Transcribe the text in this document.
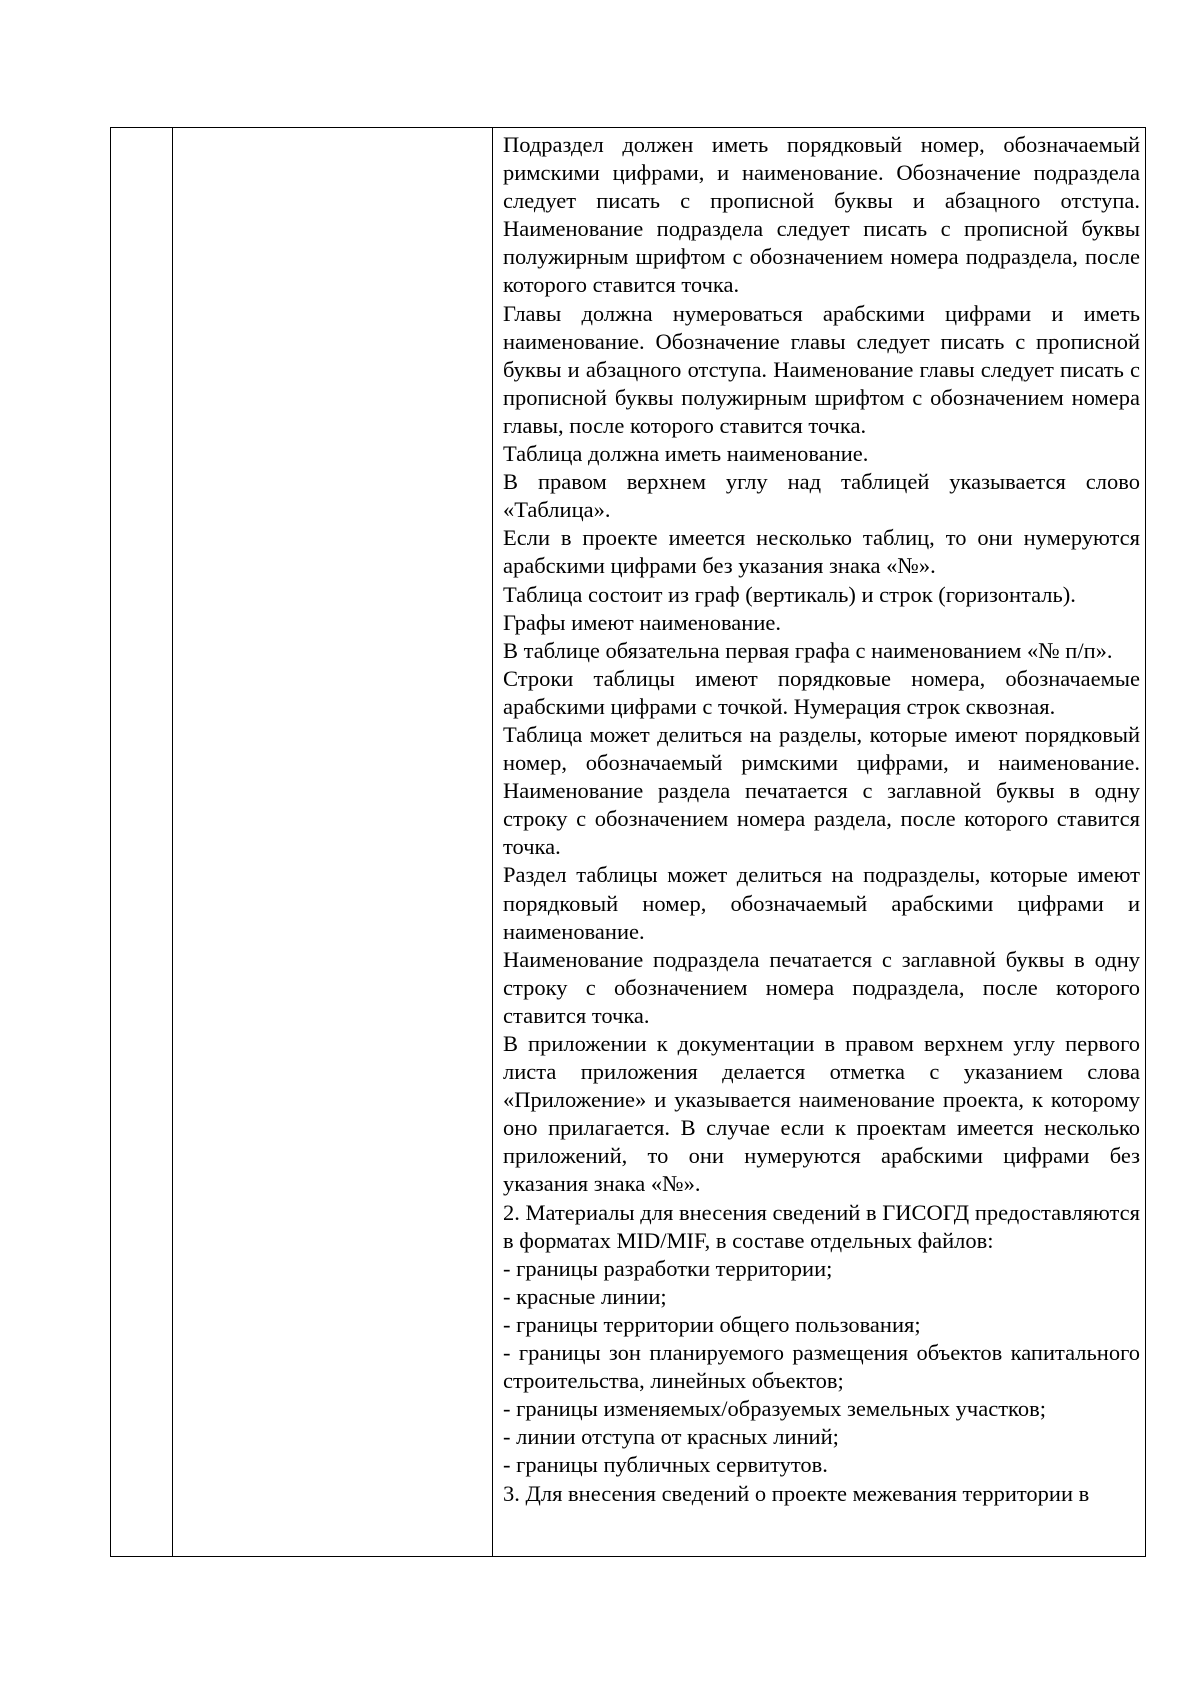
Подраздел должен иметь порядковый номер, обозначаемый римскими цифрами, и наименование. Обозначение подраздела следует писать с прописной буквы и абзацного отступа. Наименование подраздела следует писать с прописной буквы полужирным шрифтом с обозначением номера подраздела, после которого ставится точка.

Главы должна нумероваться арабскими цифрами и иметь наименование. Обозначение главы следует писать с прописной буквы и абзацного отступа. Наименование главы следует писать с прописной буквы полужирным шрифтом с обозначением номера главы, после которого ставится точка.

Таблица должна иметь наименование.

В правом верхнем углу над таблицей указывается слово «Таблица».

Если в проекте имеется несколько таблиц, то они нумеруются арабскими цифрами без указания знака «№».

Таблица состоит из граф (вертикаль) и строк (горизонталь).

Графы имеют наименование.

В таблице обязательна первая графа с наименованием «№ п/п».

Строки таблицы имеют порядковые номера, обозначаемые арабскими цифрами с точкой. Нумерация строк сквозная.

Таблица может делиться на разделы, которые имеют порядковый номер, обозначаемый римскими цифрами, и наименование. Наименование раздела печатается с заглавной буквы в одну строку с обозначением номера раздела, после которого ставится точка.

Раздел таблицы может делиться на подразделы, которые имеют порядковый номер, обозначаемый арабскими цифрами и наименование.

Наименование подраздела печатается с заглавной буквы в одну строку с обозначением номера подраздела, после которого ставится точка.

В приложении к документации в правом верхнем углу первого листа приложения делается отметка с указанием слова «Приложение» и указывается наименование проекта, к которому оно прилагается. В случае если к проектам имеется несколько приложений, то они нумеруются арабскими цифрами без указания знака «№».

2. Материалы для внесения сведений в ГИСОГД предоставляются в форматах MID/MIF, в составе отдельных файлов:

- границы разработки территории;

- красные линии;

- границы территории общего пользования;

- границы зон планируемого размещения объектов капитального строительства, линейных объектов;

- границы изменяемых/образуемых земельных участков;

- линии отступа от красных линий;

- границы публичных сервитутов.

3. Для внесения сведений о проекте межевания территории в
